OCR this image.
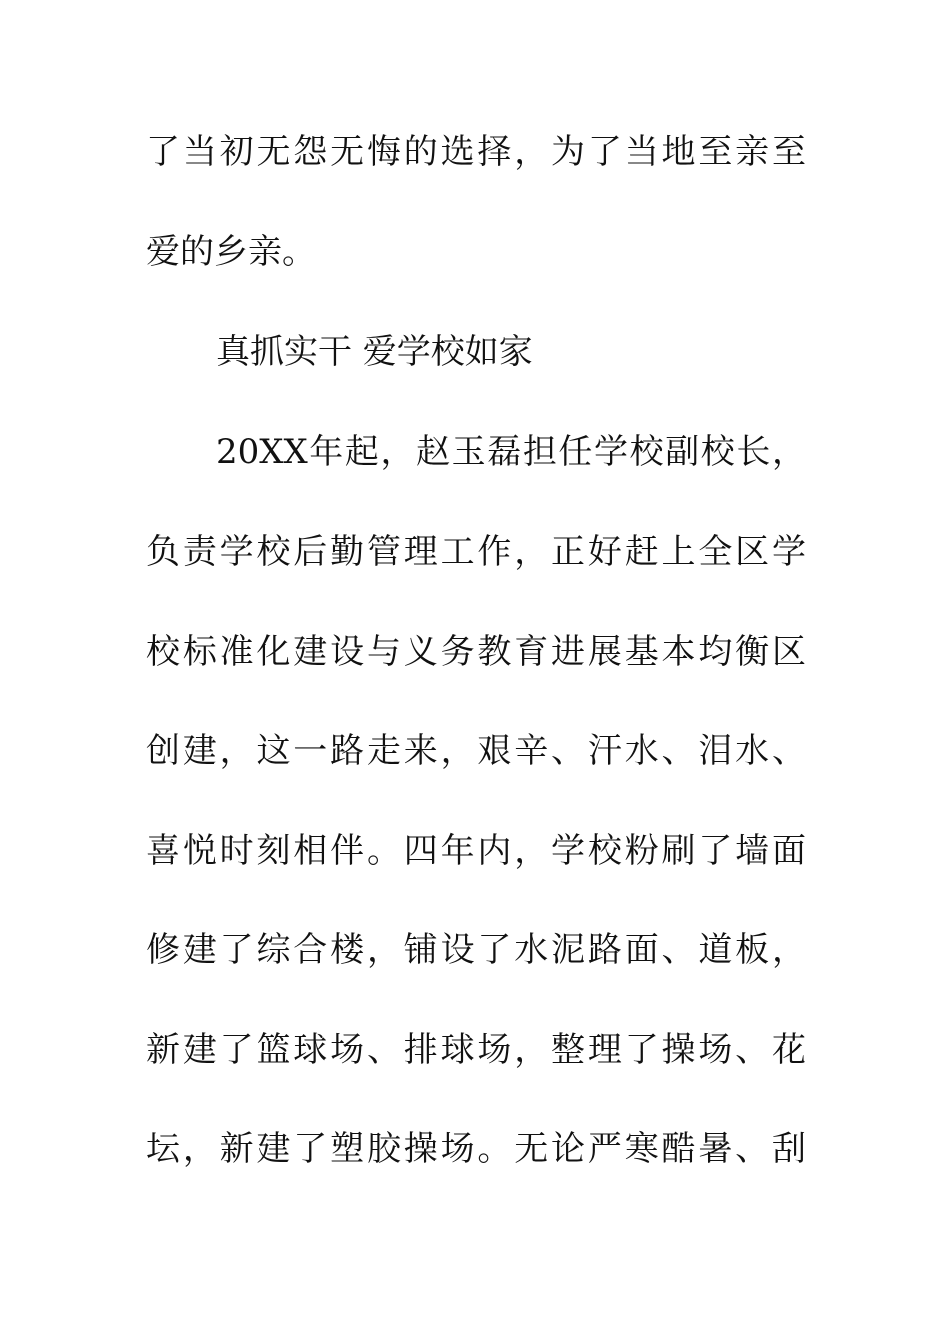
了当初无怨无悔的选择，为了当地至亲至
爱的乡亲。
真抓实干 爱学校如家
20XX年起，赵玉磊担任学校副校长，
负责学校后勤管理工作，正好赶上全区学
校标准化建设与义务教育进展基本均衡区
创建，这一路走来，艰辛、汗水、泪水、
喜悦时刻相伴。四年内，学校粉刷了墙面
修建了综合楼，铺设了水泥路面、道板，
新建了篮球场、排球场，整理了操场、花
坛，新建了塑胶操场。无论严寒酷暑、刮
